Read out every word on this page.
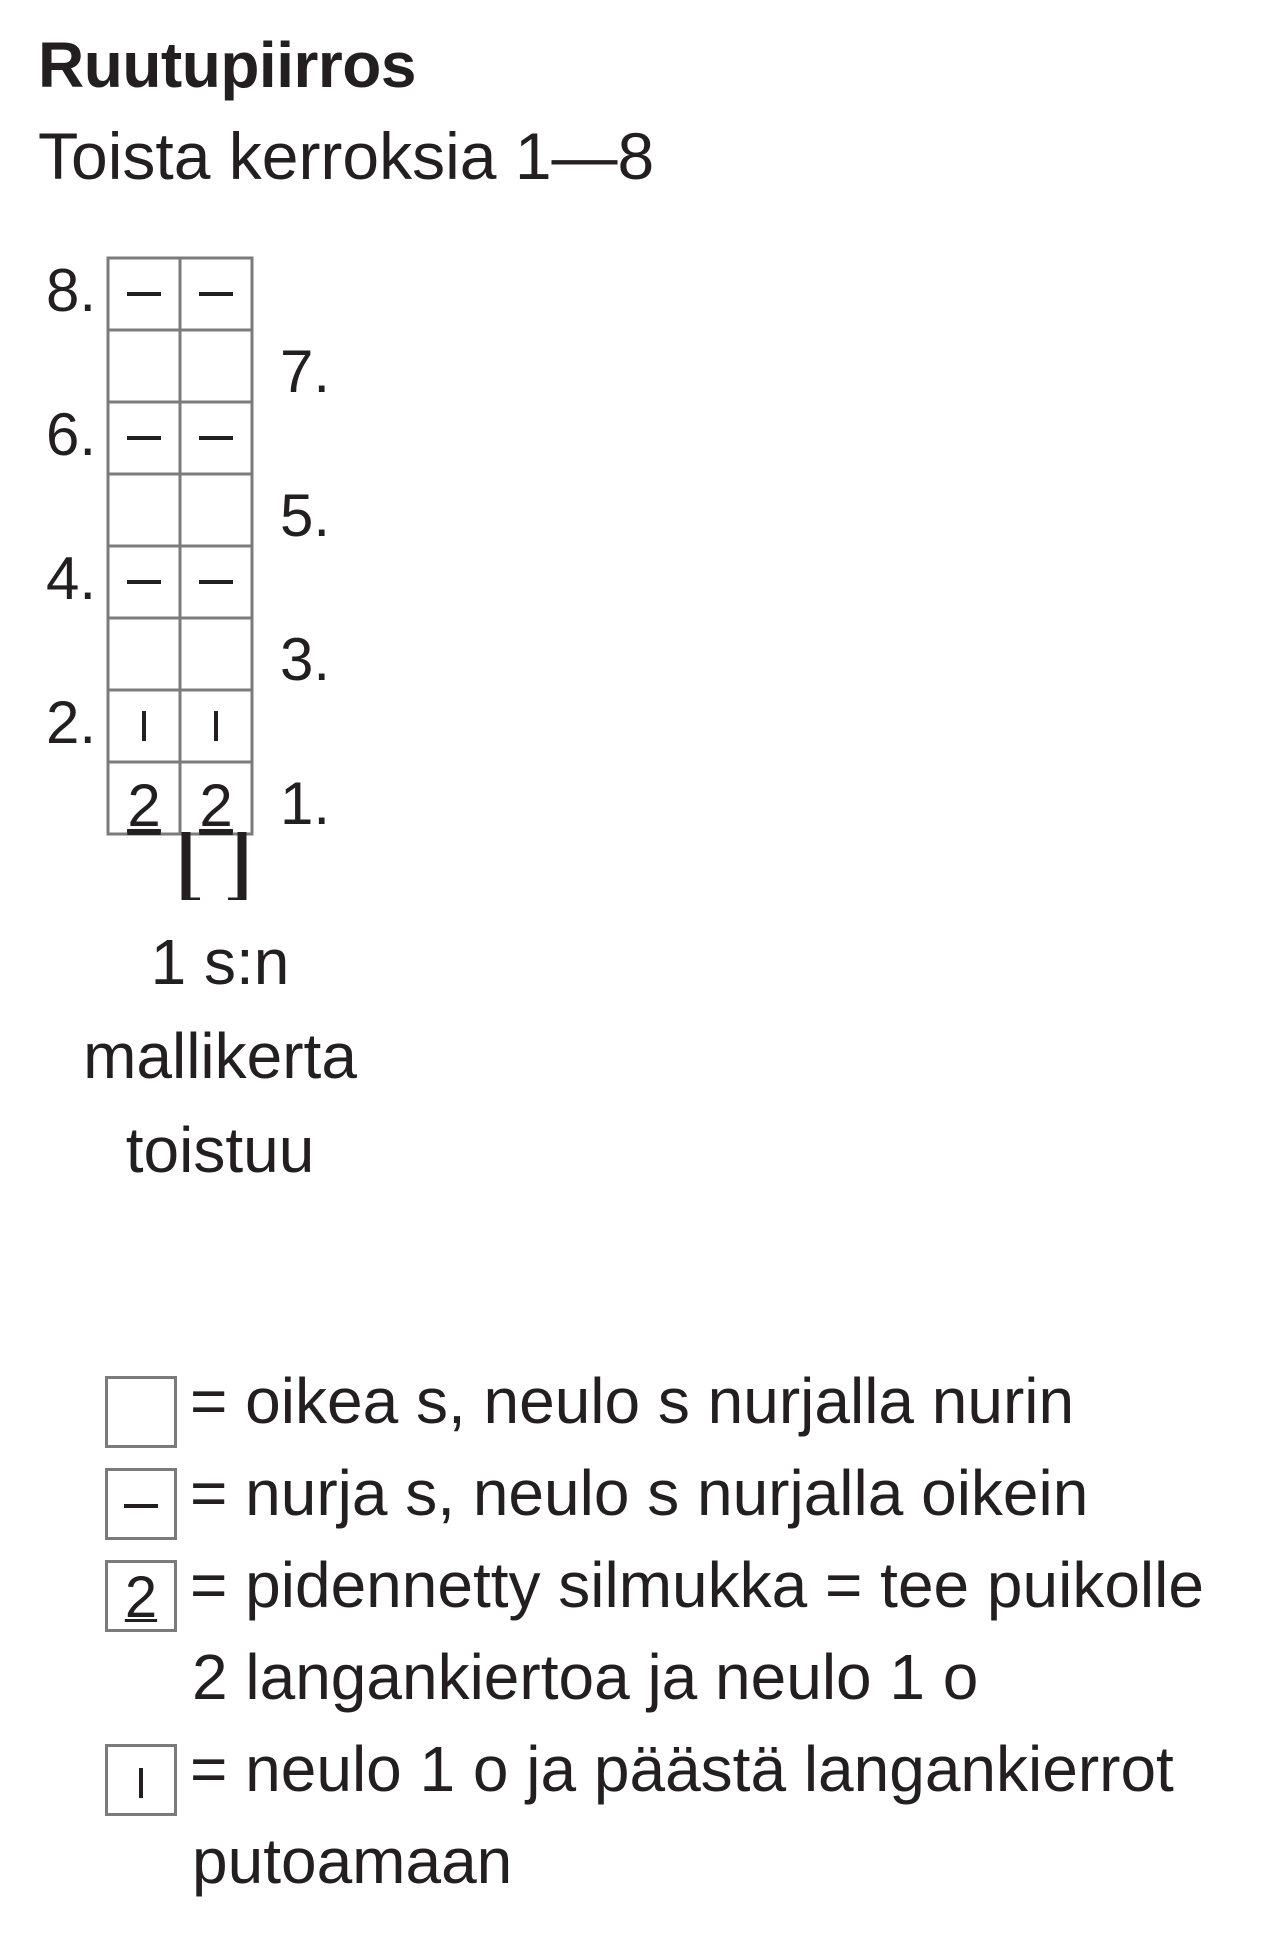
Ruutupiirros
Toista kerroksia 1—8
8.
7.
6.
5.
4.
3.
2.
2 2 1.
1 s:n
mallikerta
toistuu
= oikea s, neulo s nurjalla nurin
= nurja s, neulo s nurjalla oikein
2 = pidennetty silmukka = tee puikolle
2 langankiertoa ja neulo 1 o
= neulo 1 o ja päästä langankierrot
putoamaan
